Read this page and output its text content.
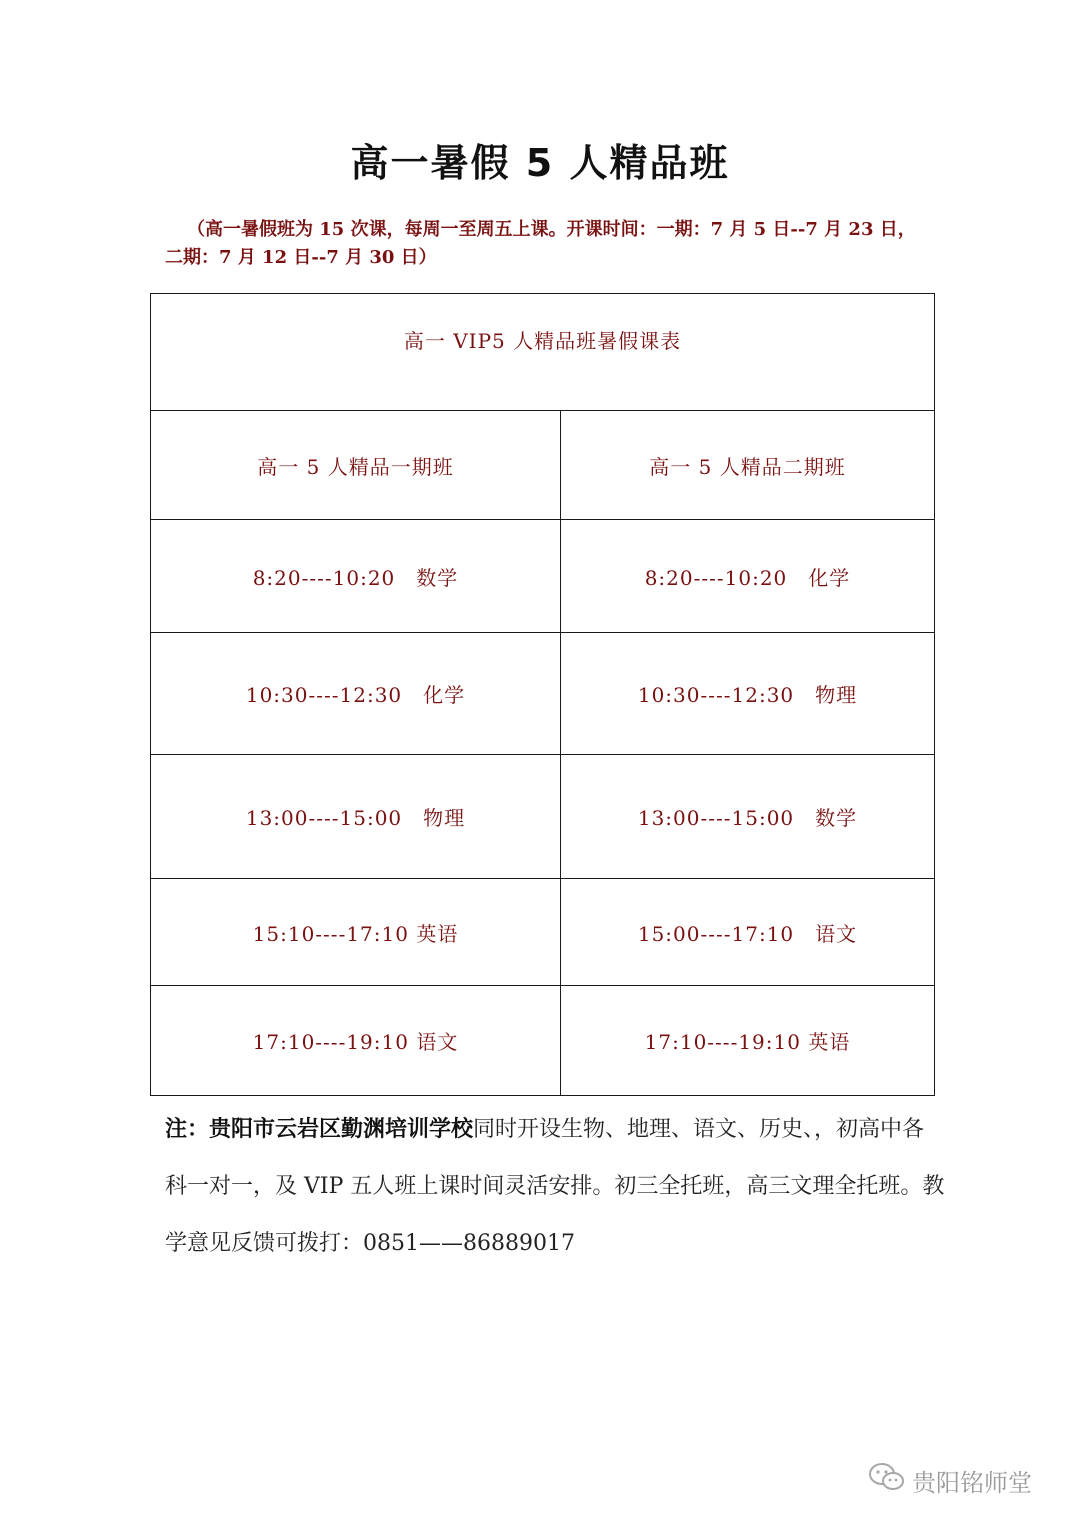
高一暑假 5 人精品班
（高一暑假班为 15 次课，每周一至周五上课。开课时间：一期：7 月 5 日--7 月 23 日，二期：7 月 12 日--7 月 30 日）
高一 VIP5 人精品班暑假课表	
高一 5 人精品一期班	高一 5 人精品二期班
8:20----10:20　数学	8:20----10:20　化学
10:30----12:30　化学	10:30----12:30　物理
13:00----15:00　物理	13:00----15:00　数学
15:10----17:10 英语	15:00----17:10　语文
17:10----19:10 语文	17:10----19:10 英语
注：贵阳市云岩区勤渊培训学校同时开设生物、地理、语文、历史、，初高中各科一对一，及 VIP 五人班上课时间灵活安排。初三全托班，高三文理全托班。教学意见反馈可拨打：0851——86889017
贵阳铭师堂
